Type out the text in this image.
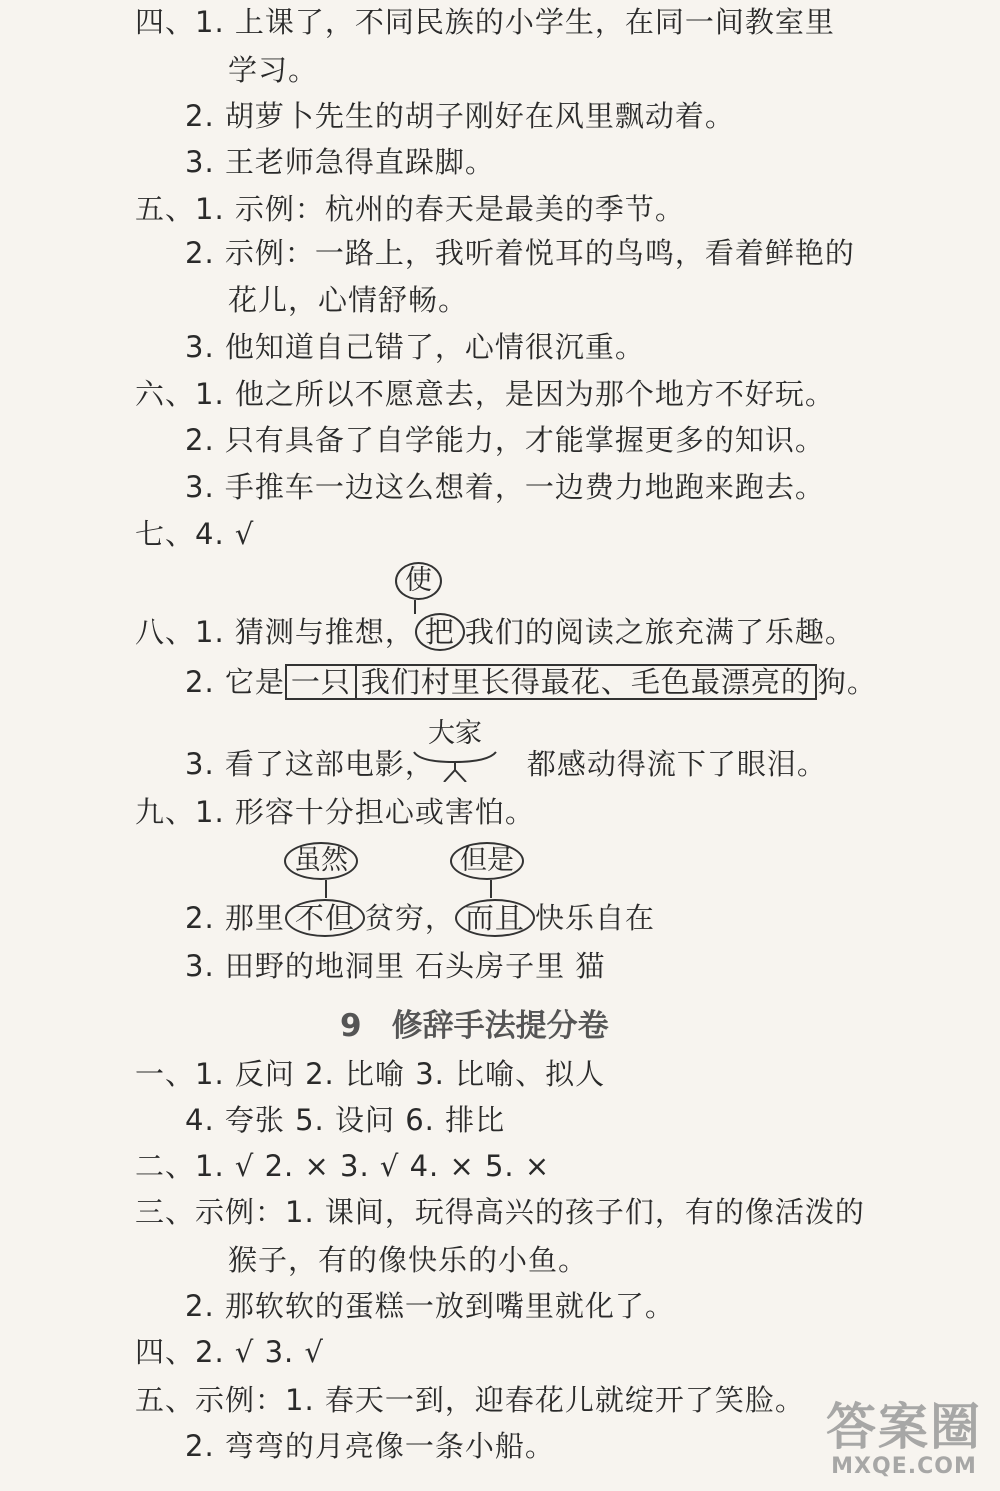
四、1. 上课了，不同民族的小学生，在同一间教室里
学习。
2. 胡萝卜先生的胡子刚好在风里飘动着。
3. 王老师急得直跺脚。
五、1. 示例：杭州的春天是最美的季节。
2. 示例：一路上，我听着悦耳的鸟鸣，看着鲜艳的
花儿，心情舒畅。
3. 他知道自己错了，心情很沉重。
六、1. 他之所以不愿意去，是因为那个地方不好玩。
2. 只有具备了自学能力，才能掌握更多的知识。
3. 手推车一边这么想着，一边费力地跑来跑去。
七、4. √
使
八、1. 猜测与推想， 把 我们的阅读之旅充满了乐趣。
2. 它是 一只 我们村里长得最花、毛色最漂亮的 狗。
大家
3. 看了这部电影，	都感动得流下了眼泪。
九、1. 形容十分担心或害怕。
虽然	但是
2. 那里 不但 贫穷， 而且 快乐自在
3. 田野的地洞里 石头房子里 猫
9 修辞手法提分卷
一、1. 反问 2. 比喻 3. 比喻、拟人
4. 夸张 5. 设问 6. 排比
二、1. √ 2. × 3. √ 4. × 5. ×
三、示例：1. 课间，玩得高兴的孩子们，有的像活泼的
猴子，有的像快乐的小鱼。
2. 那软软的蛋糕一放到嘴里就化了。
四、2. √ 3. √
五、示例：1. 春天一到，迎春花儿就绽开了笑脸。
2. 弯弯的月亮像一条小船。	答案圈
MXQE.COM
